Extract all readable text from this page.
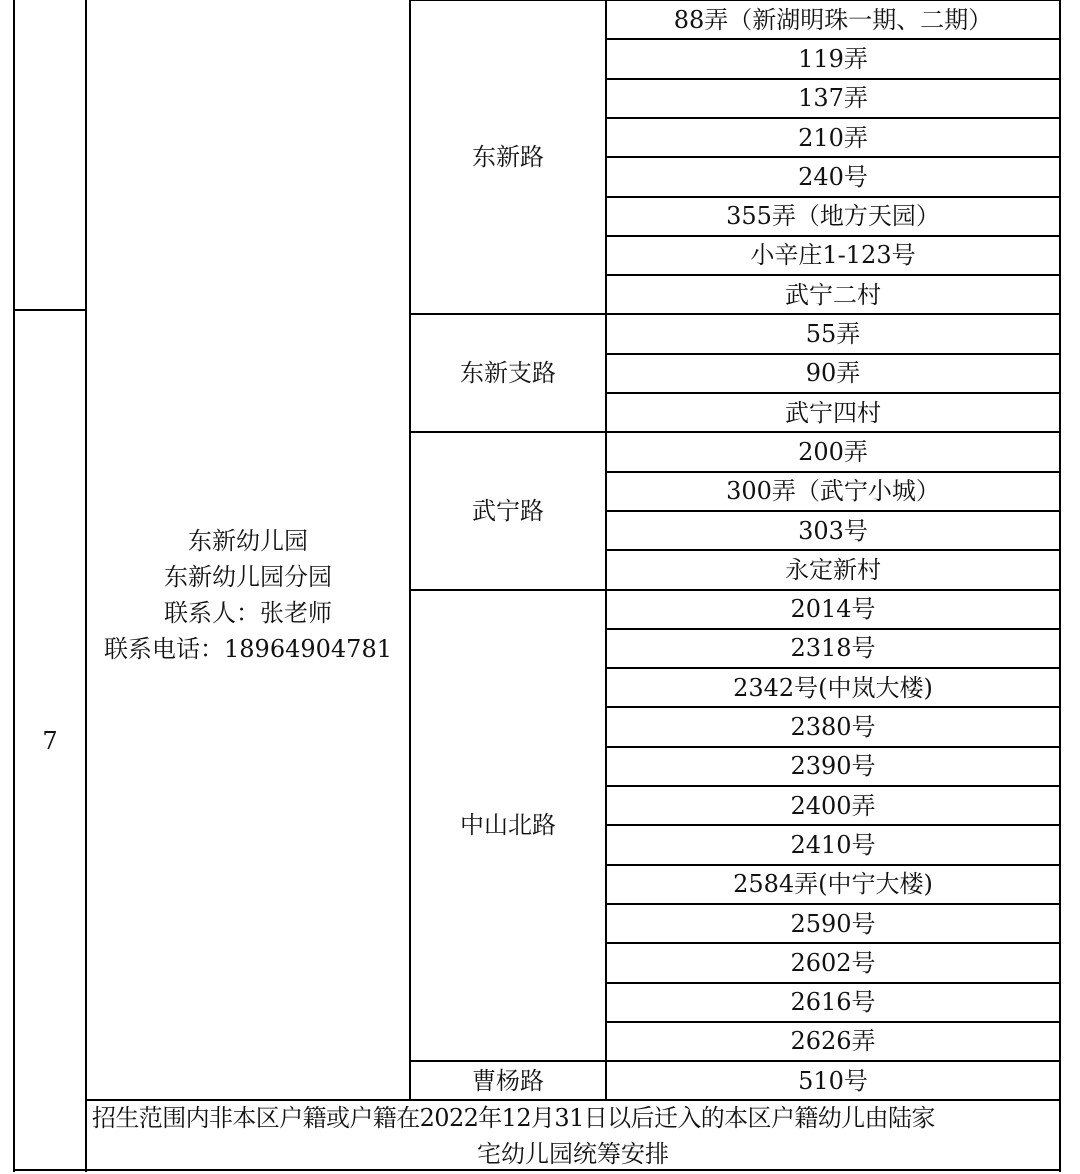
7
东新幼儿园
东新幼儿园分园
联系人：张老师
联系电话：18964904781
东新路
88弄（新湖明珠一期、二期）
119弄
137弄
210弄
240号
355弄（地方天园）
小辛庄1-123号
武宁二村
东新支路
55弄
90弄
武宁四村
武宁路
200弄
300弄（武宁小城）
303号
永定新村
中山北路
2014号
2318号
2342号(中岚大楼)
2380号
2390号
2400弄
2410号
2584弄(中宁大楼)
2590号
2602号
2616号
2626弄
曹杨路	510号
招生范围内非本区户籍或户籍在2022年12月31日以后迁入的本区户籍幼儿由陆家
宅幼儿园统筹安排
